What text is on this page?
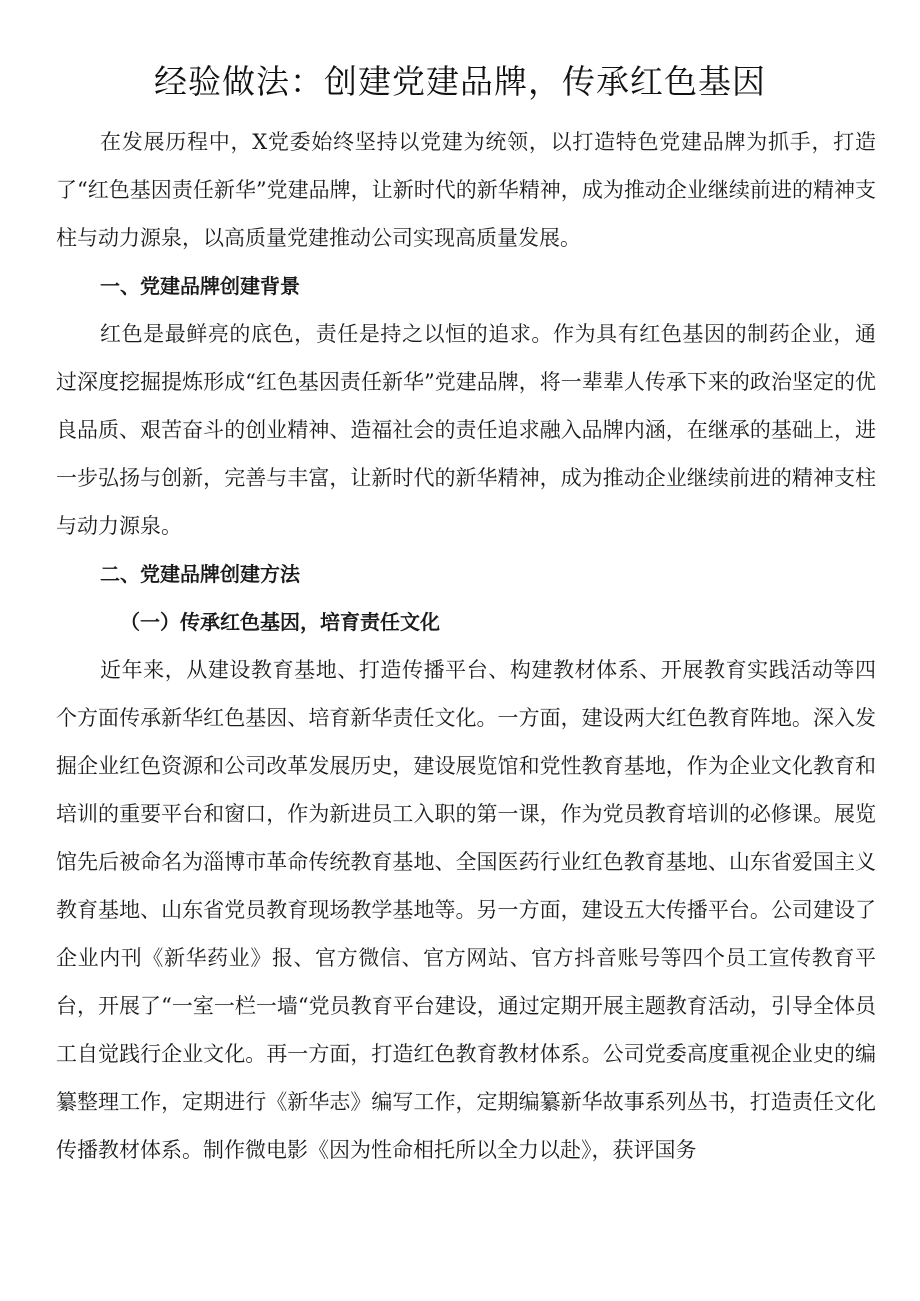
经验做法：创建党建品牌，传承红色基因

在发展历程中，X党委始终坚持以党建为统领，以打造特色党建品牌为抓手，打造了“红色基因责任新华”党建品牌，让新时代的新华精神，成为推动企业继续前进的精神支柱与动力源泉，以高质量党建推动公司实现高质量发展。

一、党建品牌创建背景

红色是最鲜亮的底色，责任是持之以恒的追求。作为具有红色基因的制药企业，通过深度挖掘提炼形成“红色基因责任新华”党建品牌，将一辈辈人传承下来的政治坚定的优良品质、艰苦奋斗的创业精神、造福社会的责任追求融入品牌内涵，在继承的基础上，进一步弘扬与创新，完善与丰富，让新时代的新华精神，成为推动企业继续前进的精神支柱与动力源泉。

二、党建品牌创建方法

（一）传承红色基因，培育责任文化

近年来，从建设教育基地、打造传播平台、构建教材体系、开展教育实践活动等四个方面传承新华红色基因、培育新华责任文化。一方面，建设两大红色教育阵地。深入发掘企业红色资源和公司改革发展历史，建设展览馆和党性教育基地，作为企业文化教育和培训的重要平台和窗口，作为新进员工入职的第一课，作为党员教育培训的必修课。展览馆先后被命名为淄博市革命传统教育基地、全国医药行业红色教育基地、山东省爱国主义教育基地、山东省党员教育现场教学基地等。另一方面，建设五大传播平台。公司建设了企业内刊《新华药业》报、官方微信、官方网站、官方抖音账号等四个员工宣传教育平台，开展了“一室一栏一墙“党员教育平台建设，通过定期开展主题教育活动，引导全体员工自觉践行企业文化。再一方面，打造红色教育教材体系。公司党委高度重视企业史的编纂整理工作，定期进行《新华志》编写工作，定期编纂新华故事系列丛书，打造责任文化传播教材体系。制作微电影《因为性命相托所以全力以赴》，获评国务
